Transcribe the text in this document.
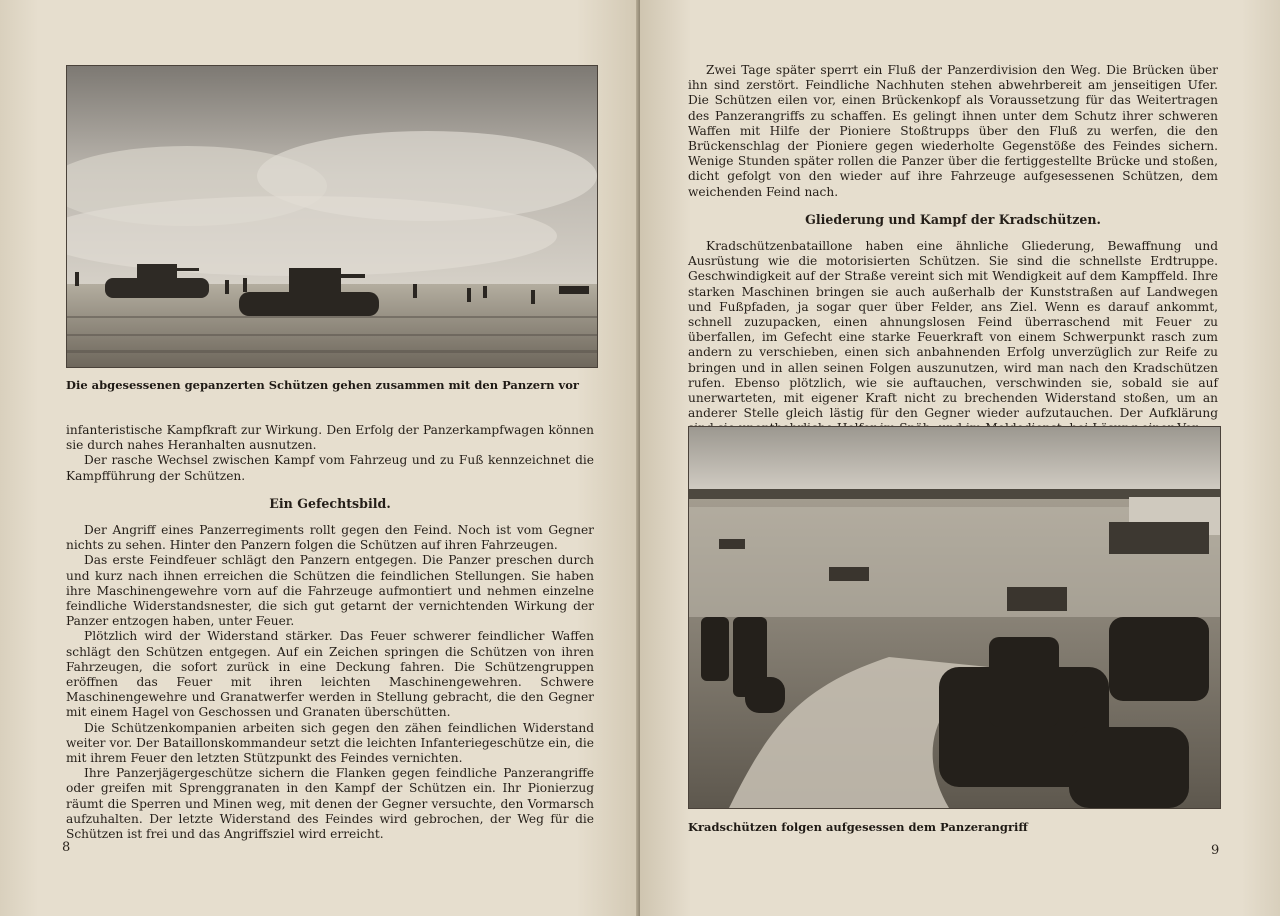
Die abgesessenen gepanzerten Schützen gehen zusammen mit den Panzern vor

infanteristische Kampfkraft zur Wirkung. Den Erfolg der Panzerkampfwagen können sie durch nahes Heranhalten ausnutzen.

Der rasche Wechsel zwischen Kampf vom Fahrzeug und zu Fuß kennzeichnet die Kampfführung der Schützen.

Ein Gefechtsbild.

Der Angriff eines Panzerregiments rollt gegen den Feind. Noch ist vom Gegner nichts zu sehen. Hinter den Panzern folgen die Schützen auf ihren Fahrzeugen.

Das erste Feindfeuer schlägt den Panzern entgegen. Die Panzer preschen durch und kurz nach ihnen erreichen die Schützen die feindlichen Stellungen. Sie haben ihre Maschinengewehre vorn auf die Fahrzeuge aufmontiert und nehmen einzelne feindliche Widerstandsnester, die sich gut getarnt der vernichtenden Wirkung der Panzer entzogen haben, unter Feuer.

Plötzlich wird der Widerstand stärker. Das Feuer schwerer feindlicher Waffen schlägt den Schützen entgegen. Auf ein Zeichen springen die Schützen von ihren Fahrzeugen, die sofort zurück in eine Deckung fahren. Die Schützengruppen eröffnen das Feuer mit ihren leichten Maschinengewehren. Schwere Maschinengewehre und Granatwerfer werden in Stellung gebracht, die den Gegner mit einem Hagel von Geschossen und Granaten überschütten.

Die Schützenkompanien arbeiten sich gegen den zähen feindlichen Widerstand weiter vor. Der Bataillonskommandeur setzt die leichten Infanteriegeschütze ein, die mit ihrem Feuer den letzten Stützpunkt des Feindes vernichten.

Ihre Panzerjägergeschütze sichern die Flanken gegen feindliche Panzerangriffe oder greifen mit Sprenggranaten in den Kampf der Schützen ein. Ihr Pionierzug räumt die Sperren und Minen weg, mit denen der Gegner versuchte, den Vormarsch aufzuhalten. Der letzte Widerstand des Feindes wird gebrochen, der Weg für die Schützen ist frei und das Angriffsziel wird erreicht.

8

Zwei Tage später sperrt ein Fluß der Panzerdivision den Weg. Die Brücken über ihn sind zerstört. Feindliche Nachhuten stehen abwehrbereit am jenseitigen Ufer. Die Schützen eilen vor, einen Brückenkopf als Voraussetzung für das Weitertragen des Panzerangriffs zu schaffen. Es gelingt ihnen unter dem Schutz ihrer schweren Waffen mit Hilfe der Pioniere Stoßtrupps über den Fluß zu werfen, die den Brückenschlag der Pioniere gegen wiederholte Gegenstöße des Feindes sichern. Wenige Stunden später rollen die Panzer über die fertiggestellte Brücke und stoßen, dicht gefolgt von den wieder auf ihre Fahrzeuge aufgesessenen Schützen, dem weichenden Feind nach.

Gliederung und Kampf der Kradschützen.

Kradschützenbataillone haben eine ähnliche Gliederung, Bewaffnung und Ausrüstung wie die motorisierten Schützen. Sie sind die schnellste Erdtruppe. Geschwindigkeit auf der Straße vereint sich mit Wendigkeit auf dem Kampffeld. Ihre starken Maschinen bringen sie auch außerhalb der Kunststraßen auf Landwegen und Fußpfaden, ja sogar quer über Felder, ans Ziel. Wenn es darauf ankommt, schnell zuzupacken, einen ahnungslosen Feind überraschend mit Feuer zu überfallen, im Gefecht eine starke Feuerkraft von einem Schwerpunkt rasch zum andern zu verschieben, einen sich anbahnenden Erfolg unverzüglich zur Reife zu bringen und in allen seinen Folgen auszunutzen, wird man nach den Kradschützen rufen. Ebenso plötzlich, wie sie auftauchen, verschwinden sie, sobald sie auf unerwarteten, mit eigener Kraft nicht zu brechenden Widerstand stoßen, um an anderer Stelle gleich lästig für den Gegner wieder aufzutauchen. Der Aufklärung

Kradschützen folgen aufgesessen dem Panzerangriff
9
